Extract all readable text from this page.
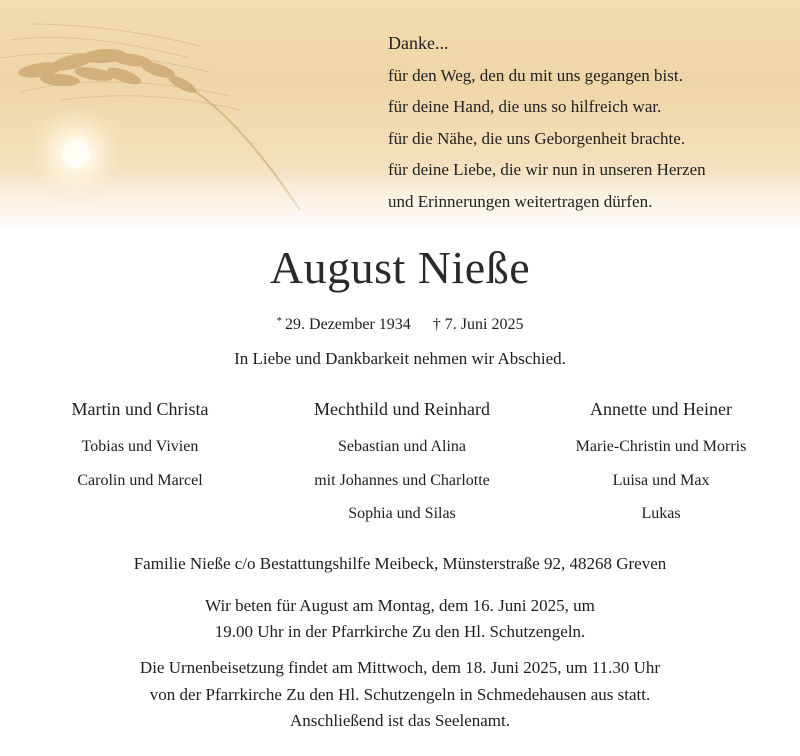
Danke...
für den Weg, den du mit uns gegangen bist.
für deine Hand, die uns so hilfreich war.
für die Nähe, die uns Geborgenheit brachte.
für deine Liebe, die wir nun in unseren Herzen
und Erinnerungen weitertragen dürfen.
August Nieße
* 29. Dezember 1934 † 7. Juni 2025
In Liebe und Dankbarkeit nehmen wir Abschied.
Martin und Christa
Tobias und Vivien
Carolin und Marcel
Mechthild und Reinhard
Sebastian und Alina
mit Johannes und Charlotte
Sophia und Silas
Annette und Heiner
Marie-Christin und Morris
Luisa und Max
Lukas
Familie Nieße c/o Bestattungshilfe Meibeck, Münsterstraße 92, 48268 Greven
Wir beten für August am Montag, dem 16. Juni 2025, um
19.00 Uhr in der Pfarrkirche Zu den Hl. Schutzengeln.
Die Urnenbeisetzung findet am Mittwoch, dem 18. Juni 2025, um 11.30 Uhr
von der Pfarrkirche Zu den Hl. Schutzengeln in Schmedehausen aus statt.
Anschließend ist das Seelenamt.
